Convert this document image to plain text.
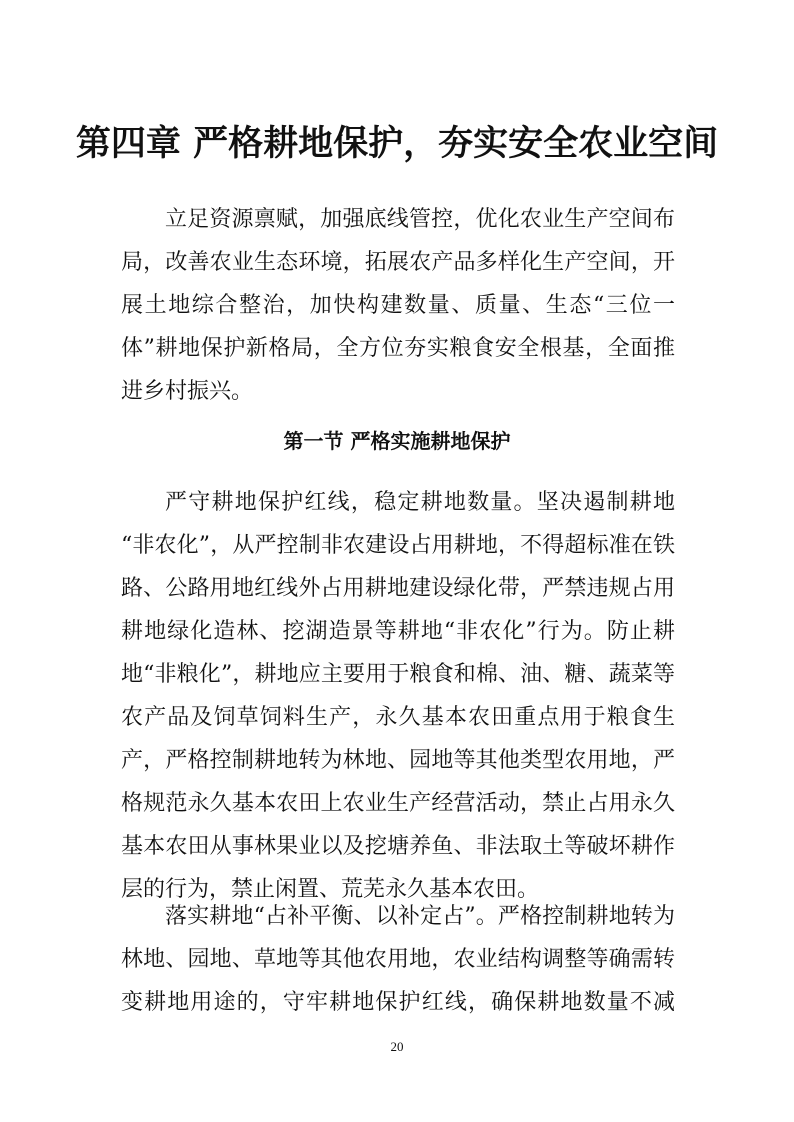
第四章 严格耕地保护，夯实安全农业空间
立足资源禀赋，加强底线管控，优化农业生产空间布
局，改善农业生态环境，拓展农产品多样化生产空间，开
展土地综合整治，加快构建数量、质量、生态“三位一
体”耕地保护新格局，全方位夯实粮食安全根基，全面推
进乡村振兴。
第一节 严格实施耕地保护
严守耕地保护红线，稳定耕地数量。坚决遏制耕地
“非农化”，从严控制非农建设占用耕地，不得超标准在铁
路、公路用地红线外占用耕地建设绿化带，严禁违规占用
耕地绿化造林、挖湖造景等耕地“非农化”行为。防止耕
地“非粮化”，耕地应主要用于粮食和棉、油、糖、蔬菜等
农产品及饲草饲料生产，永久基本农田重点用于粮食生
产，严格控制耕地转为林地、园地等其他类型农用地，严
格规范永久基本农田上农业生产经营活动，禁止占用永久
基本农田从事林果业以及挖塘养鱼、非法取土等破坏耕作
层的行为，禁止闲置、荒芜永久基本农田。
落实耕地“占补平衡、以补定占”。严格控制耕地转为
林地、园地、草地等其他农用地，农业结构调整等确需转
变耕地用途的，守牢耕地保护红线，确保耕地数量不减
20
